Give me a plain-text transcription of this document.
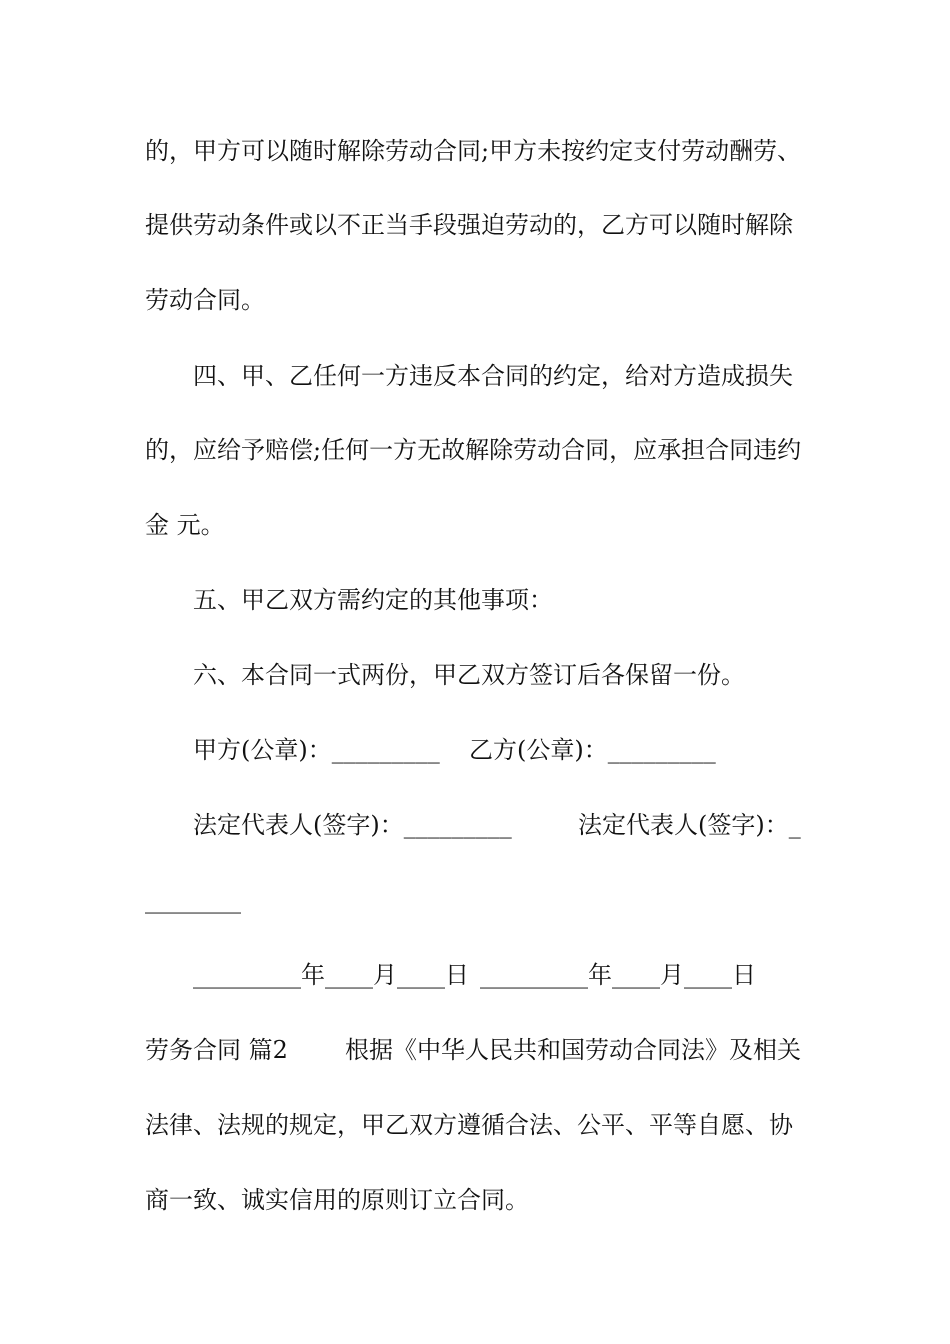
的，甲方可以随时解除劳动合同;甲方未按约定支付劳动酬劳、
提供劳动条件或以不正当手段强迫劳动的，乙方可以随时解除
劳动合同。
四、甲、乙任何一方违反本合同的约定，给对方造成损失
的，应给予赔偿;任何一方无故解除劳动合同，应承担合同违约
金 元。
五、甲乙双方需约定的其他事项：
六、本合同一式两份，甲乙双方签订后各保留一份。
甲方(公章)：_________ 乙方(公章)：_________
法定代表人(签字)：_________	法定代表人(签字)：_
________
_________年____月____日 _________年____月____日
劳务合同 篇2 根据《中华人民共和国劳动合同法》及相关
法律、法规的规定，甲乙双方遵循合法、公平、平等自愿、协
商一致、诚实信用的原则订立合同。
